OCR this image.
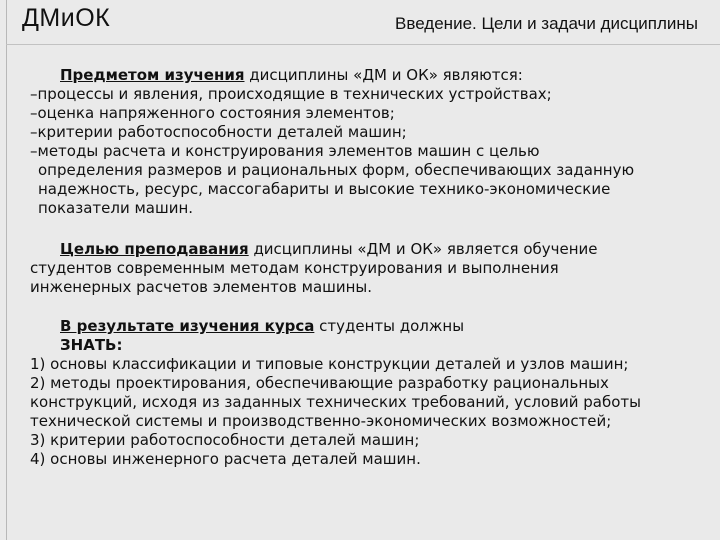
ДМиОК	Введение. Цели и задачи дисциплины
Предметом изучения дисциплины «ДМ и ОК» являются:
–процессы и явления, происходящие в технических устройствах;
–оценка напряженного состояния элементов;
–критерии работоспособности деталей машин;
–методы расчета и конструирования элементов машин с целью
определения размеров и рациональных форм, обеспечивающих заданную
надежность, ресурс, массогабариты и высокие технико-экономические
показатели машин.
Целью преподавания дисциплины «ДМ и ОК» является обучение
студентов современным методам конструирования и выполнения
инженерных расчетов элементов машины.
В результате изучения курса студенты должны
ЗНАТЬ:
1) основы классификации и типовые конструкции деталей и узлов машин;
2) методы проектирования, обеспечивающие разработку рациональных
конструкций, исходя из заданных технических требований, условий работы
технической системы и производственно-экономических возможностей;
3) критерии работоспособности деталей машин;
4) основы инженерного расчета деталей машин.
